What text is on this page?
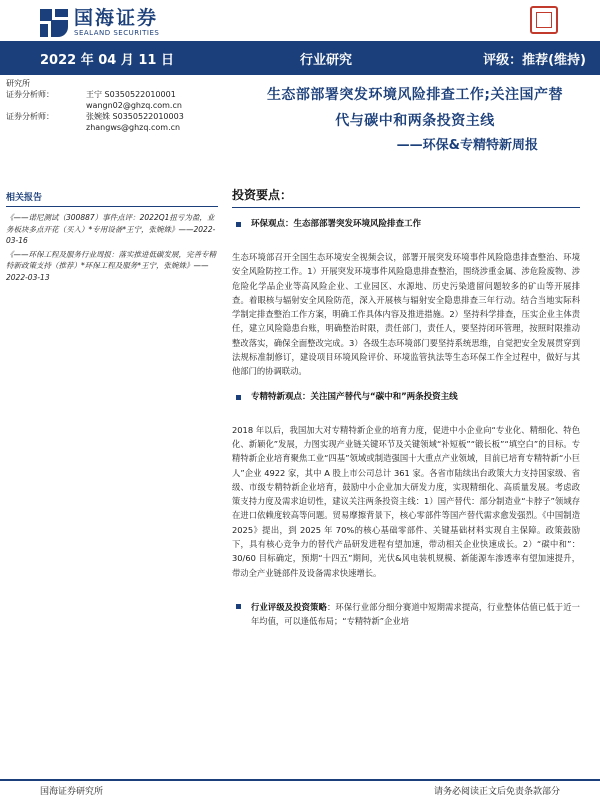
国海证券
SEALAND SECURITIES
2022 年 04 月 11 日	行业研究	评级：推荐(维持)
研究所
证券分析师：	王宁 S0350522010001
wangn02@ghzq.com.cn
证券分析师：	张婉姝 S0350522010003
zhangws@ghzq.com.cn
生态部部署突发环境风险排查工作;关注国产替
代与碳中和两条投资主线
——环保&专精特新周报
相关报告
《——诺尼测试（300887）事件点评：2022Q1扭亏为盈，业务板块多点开花（买入）*专用设备*王宁，张婉姝》——2022-03-16
《——环保工程及服务行业周报：落实推进低碳发展，完善专精特新政策支持（推荐）*环保工程及服务*王宁，张婉姝》——2022-03-13
投资要点：
环保观点：生态部部署突发环境风险排查工作
生态环境部召开全国生态环境安全视频会议，部署开展突发环境事件风险隐患排查整治、环境安全风险防控工作。1）开展突发环境事件风险隐患排查整治，围绕涉重金属、涉危险废物、涉危险化学品企业等高风险企业、工业园区、水源地、历史污染遗留问题较多的矿山等开展排查。着眼核与辐射安全风险防范，深入开展核与辐射安全隐患排查三年行动。结合当地实际科学制定排查整治工作方案，明确工作具体内容及推进措施。2）坚持科学排查，压实企业主体责任，建立风险隐患台账，明确整治时限，责任部门，责任人，要坚持闭环管理，按照时限推动整改落实，确保全面整改完成。3）各级生态环境部门要坚持系统思维，自觉把安全发展贯穿到法规标准制修订，建设项目环境风险评价、环境监管执法等生态环保工作全过程中，做好与其他部门的协调联动。
专精特新观点：关注国产替代与“碳中和”两条投资主线
2018 年以后，我国加大对专精特新企业的培育力度，促进中小企业向“专业化、精细化、特色化、新颖化”发展，力图实现产业链关键环节及关键领域“补短板”“锻长板”“填空白”的目标。专精特新企业培育聚焦工业“四基”领域或制造强国十大重点产业领域，目前已培育专精特新“小巨人”企业 4922 家，其中 A 股上市公司总计 361 家。各省市陆续出台政策大力支持国家级、省级、市级专精特新企业培育，鼓励中小企业加大研发力度，实现精细化、高质量发展。考虑政策支持力度及需求迫切性，建议关注两条投资主线：1）国产替代：部分制造业“卡脖子”领域存在进口依赖度较高等问题。贸易摩擦背景下，核心零部件等国产替代需求愈发强烈。《中国制造 2025》提出，到 2025 年 70%的核心基础零部件、关键基础材料实现自主保障。政策鼓励下，具有核心竞争力的替代产品研发进程有望加速，带动相关企业快速成长。2）“碳中和”：30/60 目标确定，预期“十四五”期间，光伏&风电装机规模、新能源车渗透率有望加速提升，带动全产业链部件及设备需求快速增长。
行业评级及投资策略：环保行业部分细分赛道中短期需求提高，行业整体估值已低于近一年均值，可以逢低布局；“专精特新”企业培
国海证券研究所	请务必阅读正文后免责条款部分
